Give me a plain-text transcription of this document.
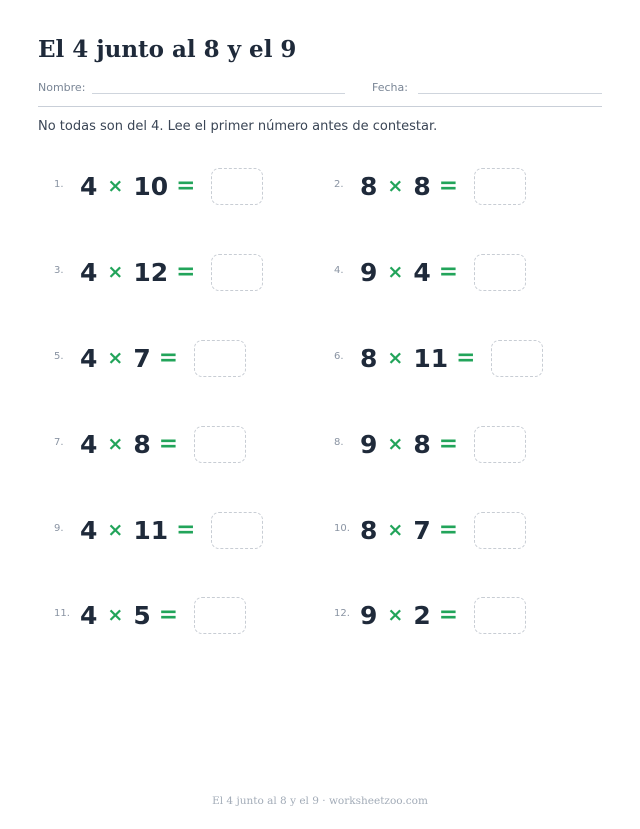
El 4 junto al 8 y el 9
Nombre:	Fecha:
No todas son del 4. Lee el primer número antes de contestar.
1. 4 × 10 =
3. 4 × 12 =
5. 4 × 7 =
7. 4 × 8 =
9. 4 × 11 =
11. 4 × 5 =
2. 8 × 8 =
4. 9 × 4 =
6. 8 × 11 =
8. 9 × 8 =
10. 8 × 7 =
12. 9 × 2 =
El 4 junto al 8 y el 9 · worksheetzoo.com
